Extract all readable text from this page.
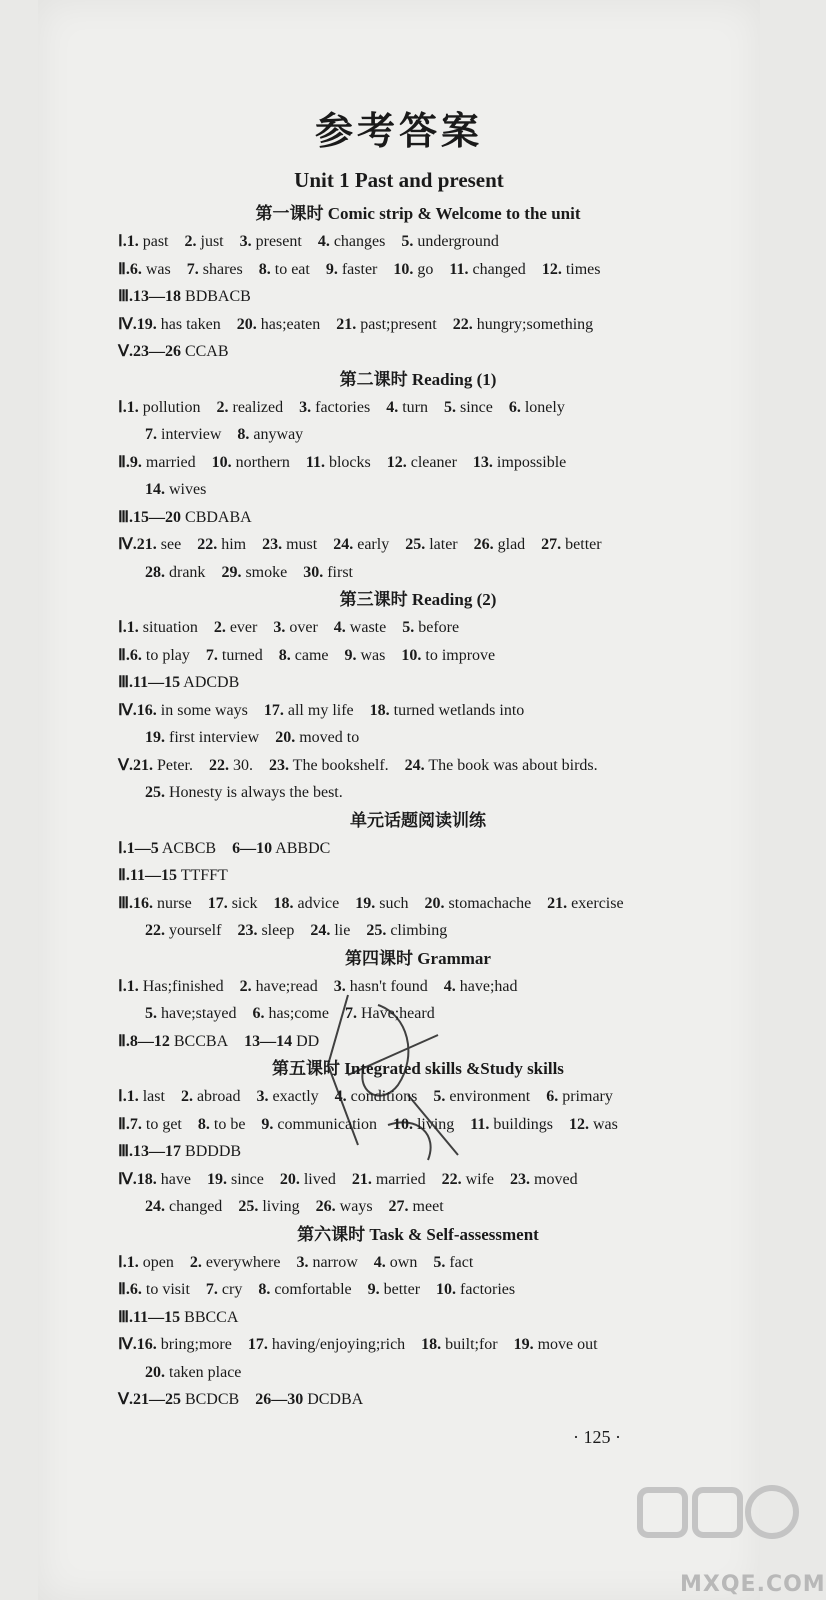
参考答案
Unit 1 Past and present
第一课时 Comic strip & Welcome to the unit
Ⅰ.1. past  2. just  3. present  4. changes  5. underground
Ⅱ.6. was  7. shares  8. to eat  9. faster  10. go  11. changed  12. times
Ⅲ.13—18 BDBACB
Ⅳ.19. has taken  20. has;eaten  21. past;present  22. hungry;something
Ⅴ.23—26 CCAB
第二课时 Reading (1)
Ⅰ.1. pollution  2. realized  3. factories  4. turn  5. since  6. lonely
7. interview  8. anyway
Ⅱ.9. married  10. northern  11. blocks  12. cleaner  13. impossible
14. wives
Ⅲ.15—20 CBDABA
Ⅳ.21. see  22. him  23. must  24. early  25. later  26. glad  27. better
28. drank  29. smoke  30. first
第三课时 Reading (2)
Ⅰ.1. situation  2. ever  3. over  4. waste  5. before
Ⅱ.6. to play  7. turned  8. came  9. was  10. to improve
Ⅲ.11—15 ADCDB
Ⅳ.16. in some ways  17. all my life  18. turned wetlands into
19. first interview  20. moved to
Ⅴ.21. Peter.  22. 30.  23. The bookshelf.  24. The book was about birds.
25. Honesty is always the best.
单元话题阅读训练
Ⅰ.1—5 ACBCB  6—10 ABBDC
Ⅱ.11—15 TTFFT
Ⅲ.16. nurse  17. sick  18. advice  19. such  20. stomachache  21. exercise
22. yourself  23. sleep  24. lie  25. climbing
第四课时 Grammar
Ⅰ.1. Has;finished  2. have;read  3. hasn't found  4. have;had
5. have;stayed  6. has;come  7. Have;heard
Ⅱ.8—12 BCCBA  13—14 DD
第五课时 Integrated skills &Study skills
Ⅰ.1. last  2. abroad  3. exactly  4. conditions  5. environment  6. primary
Ⅱ.7. to get  8. to be  9. communication  10. living  11. buildings  12. was
Ⅲ.13—17 BDDDB
Ⅳ.18. have  19. since  20. lived  21. married  22. wife  23. moved
24. changed  25. living  26. ways  27. meet
第六课时 Task & Self-assessment
Ⅰ.1. open  2. everywhere  3. narrow  4. own  5. fact
Ⅱ.6. to visit  7. cry  8. comfortable  9. better  10. factories
Ⅲ.11—15 BBCCA
Ⅳ.16. bring;more  17. having/enjoying;rich  18. built;for  19. move out
20. taken place
Ⅴ.21—25 BCDCB  26—30 DCDBA
· 125 ·
MXQE.COM
